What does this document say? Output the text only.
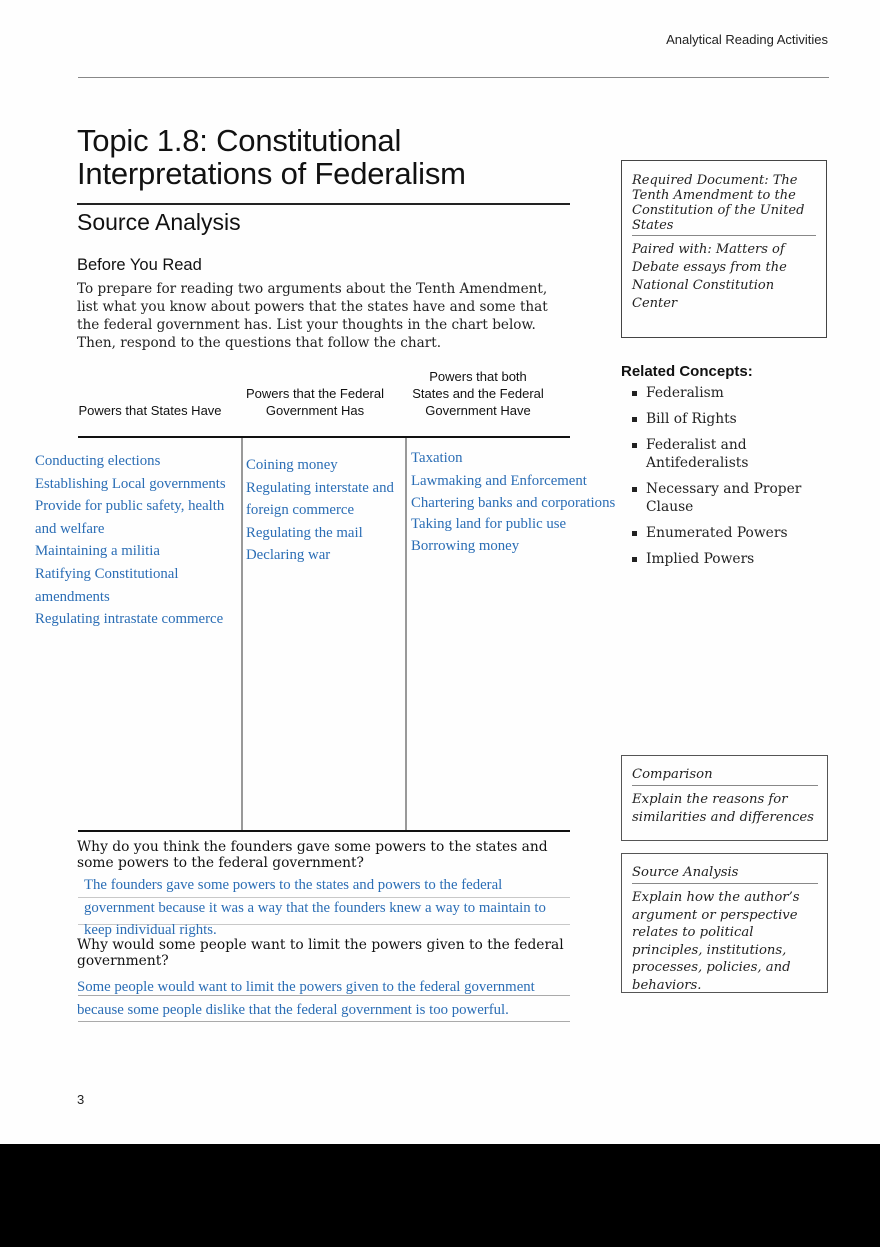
Analytical Reading Activities
Topic 1.8: Constitutional
Interpretations of Federalism
Source Analysis
Before You Read
To prepare for reading two arguments about the Tenth Amendment, list what you know about powers that the states have and some that the federal government has. List your thoughts in the chart below. Then, respond to the questions that follow the chart.
Required Document: The Tenth Amendment to the Constitution of the United States
Paired with: Matters of Debate essays from the National Constitution Center
Related Concepts:
Federalism
Bill of Rights
Federalist and Antifederalists
Necessary and Proper Clause
Enumerated Powers
Implied Powers
Powers that States Have
Powers that the Federal Government Has
Powers that both States and the Federal Government Have
Conducting elections
Establishing Local governments
Provide for public safety, health and welfare
Maintaining a militia
Ratifying Constitutional amendments
Regulating intrastate commerce
Coining money
Regulating interstate and foreign commerce
Regulating the mail
Declaring war
Taxation
Lawmaking and Enforcement
Chartering banks and corporations
Taking land for public use
Borrowing money
Why do you think the founders gave some powers to the states and some powers to the federal government?
The founders gave some powers to the states and powers to the federal
government because it was a way that the founders knew a way to maintain to
keep individual rights.
Why would some people want to limit the powers given to the federal government?
Some people would want to limit the powers given to the federal government
because some people dislike that the federal government is too powerful.
Comparison
Explain the reasons for similarities and differences
Source Analysis
Explain how the author’s argument or perspective relates to political principles, institutions, processes, policies, and behaviors.
3
